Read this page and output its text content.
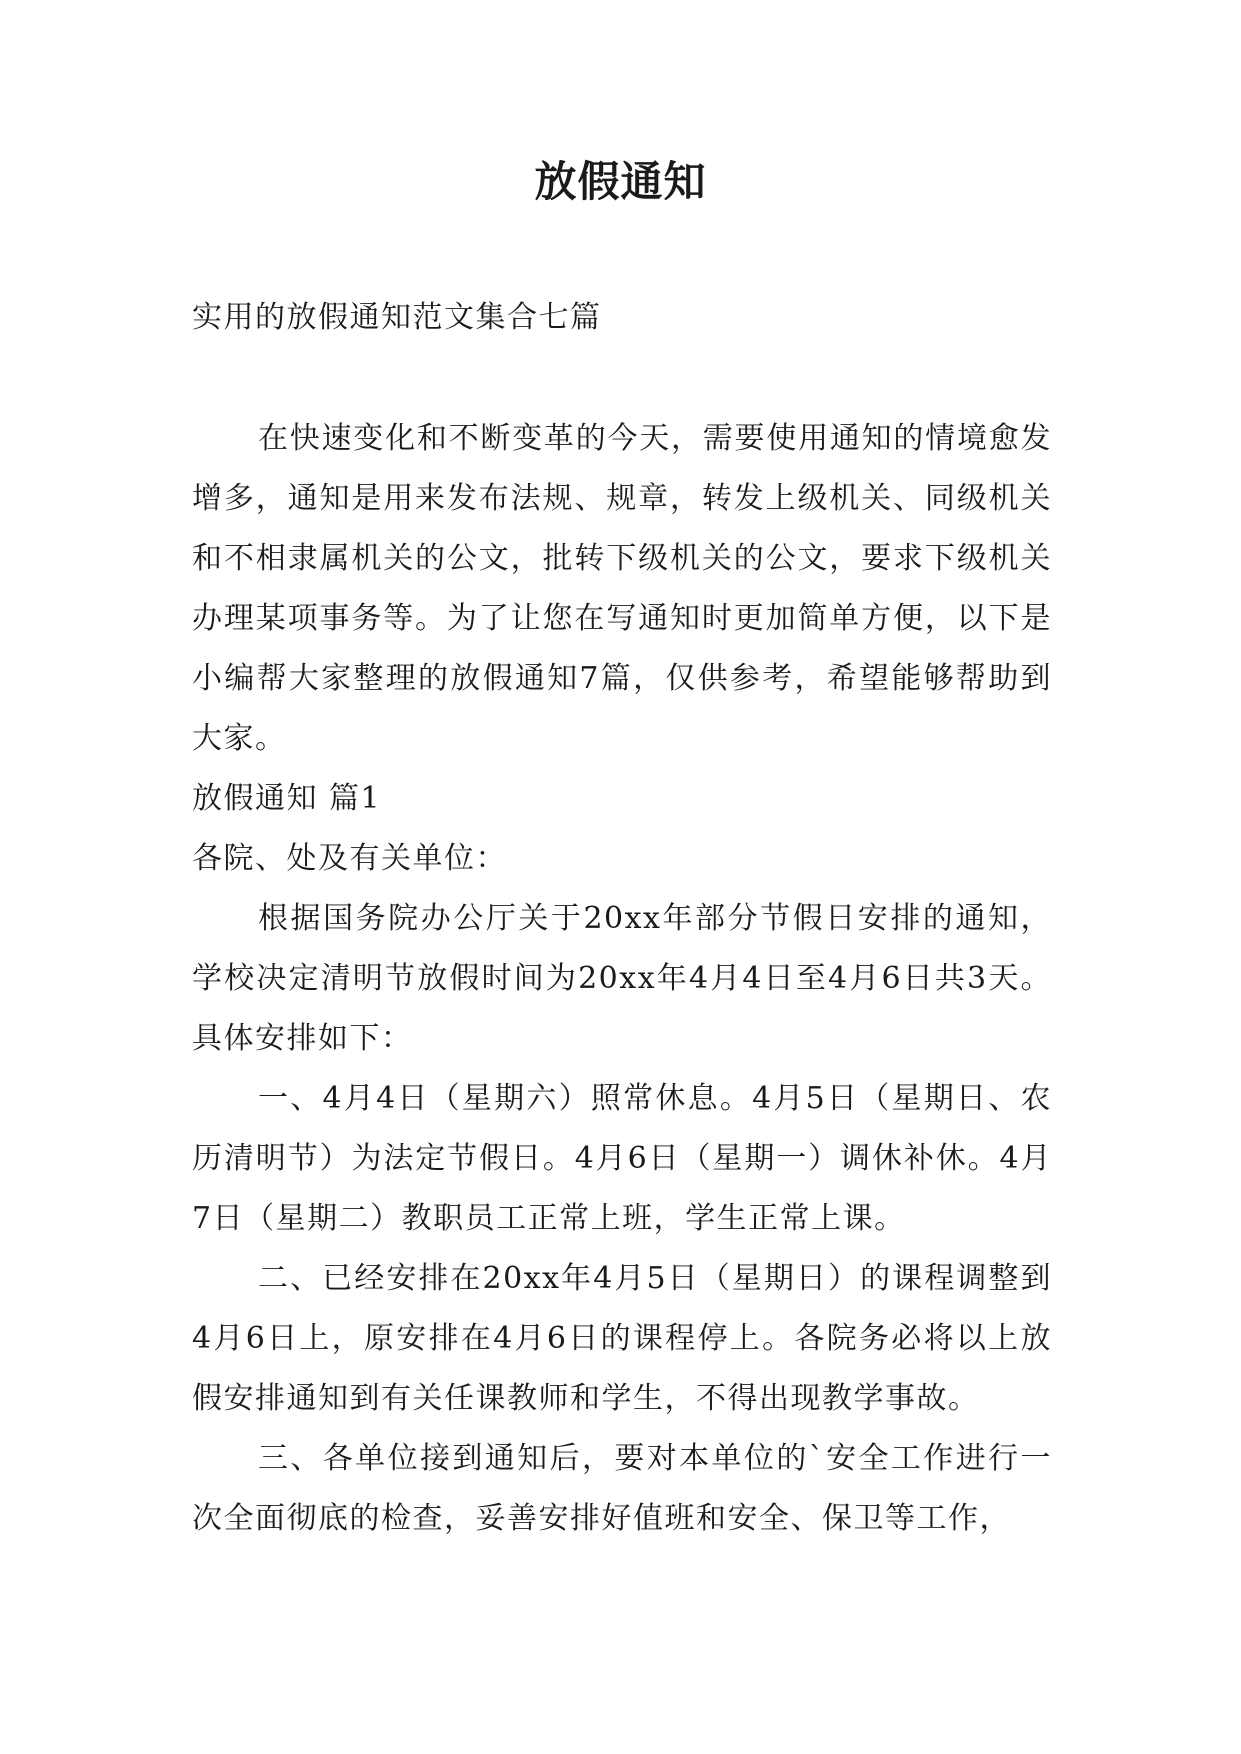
放假通知

实用的放假通知范文集合七篇

在快速变化和不断变革的今天，需要使用通知的情境愈发增多，通知是用来发布法规、规章，转发上级机关、同级机关和不相隶属机关的公文，批转下级机关的公文，要求下级机关办理某项事务等。为了让您在写通知时更加简单方便，以下是小编帮大家整理的放假通知7篇，仅供参考，希望能够帮助到大家。

放假通知 篇1

各院、处及有关单位：

根据国务院办公厅关于20xx年部分节假日安排的通知，学校决定清明节放假时间为20xx年4月4日至4月6日共3天。具体安排如下：

一、4月4日（星期六）照常休息。4月5日（星期日、农历清明节）为法定节假日。4月6日（星期一）调休补休。4月7日（星期二）教职员工正常上班，学生正常上课。

二、已经安排在20xx年4月5日（星期日）的课程调整到4月6日上，原安排在4月6日的课程停上。各院务必将以上放假安排通知到有关任课教师和学生，不得出现教学事故。

三、各单位接到通知后，要对本单位的`安全工作进行一次全面彻底的检查，妥善安排好值班和安全、保卫等工作，
